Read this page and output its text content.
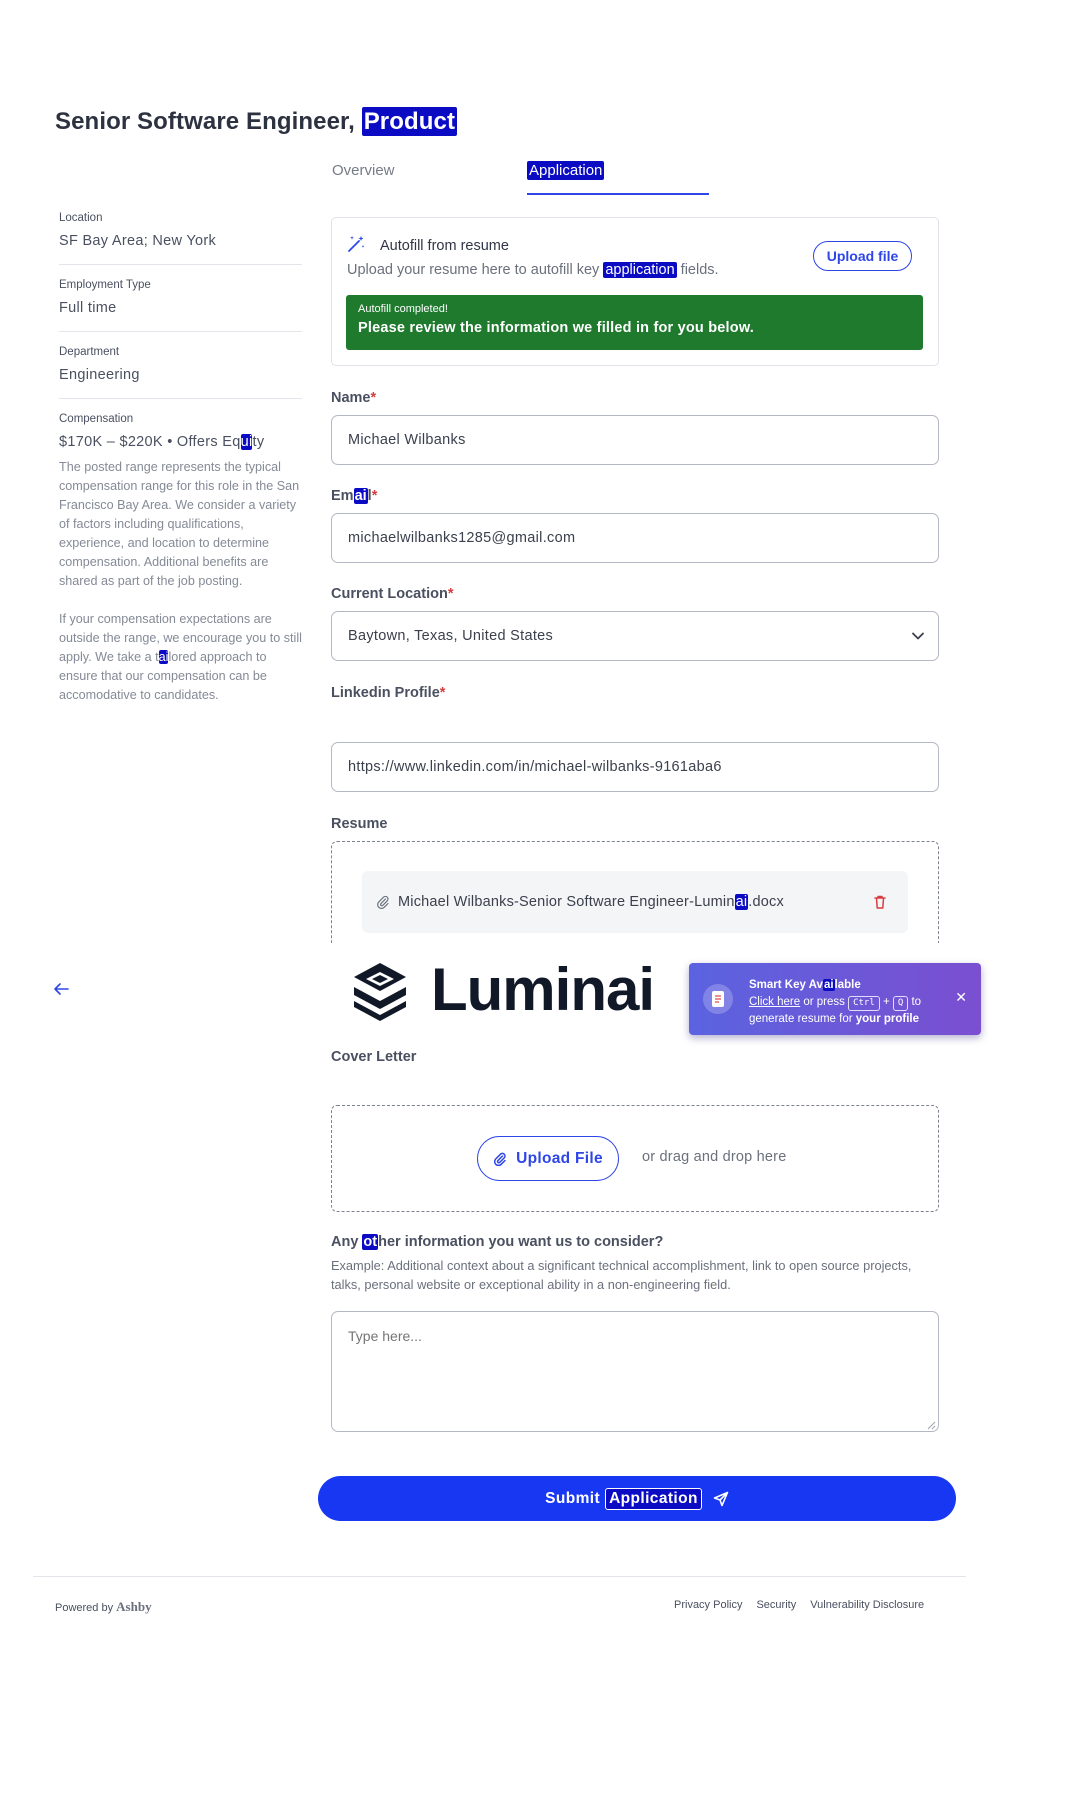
Senior Software Engineer, Product
Overview	Application
Location
SF Bay Area; New York
Employment Type
Full time
Department
Engineering
Compensation
$170K – $220K • Offers Equity

The posted range represents the typical compensation range for this role in the San Francisco Bay Area. We consider a variety of factors including qualifications, experience, and location to determine compensation. Additional benefits are shared as part of the job posting.

If your compensation expectations are outside the range, we encourage you to still apply. We take a tailored approach to ensure that our compensation can be accomodative to candidates.

Autofill from resume
Upload your resume here to autofill key application fields.
Upload file
Autofill completed!
Please review the information we filled in for you below.
Name*
Michael Wilbanks
Email*
michaelwilbanks1285@gmail.com
Current Location*
Baytown, Texas, United States
Linkedin Profile*
https://www.linkedin.com/in/michael-wilbanks-9161aba6
Resume
Michael Wilbanks-Senior Software Engineer-Luminai.docx
Luminai	Smart Key Available
Click here or press Ctrl + Q to
generate resume for your profile
✕
Cover Letter
Upload File	or drag and drop here
Any other information you want us to consider?
Example: Additional context about a significant technical accomplishment, link to open source projects, talks, personal website or exceptional ability in a non-engineering field.
Type here...
Submit Application
Powered by Ashby	Privacy Policy Security Vulnerability Disclosure
